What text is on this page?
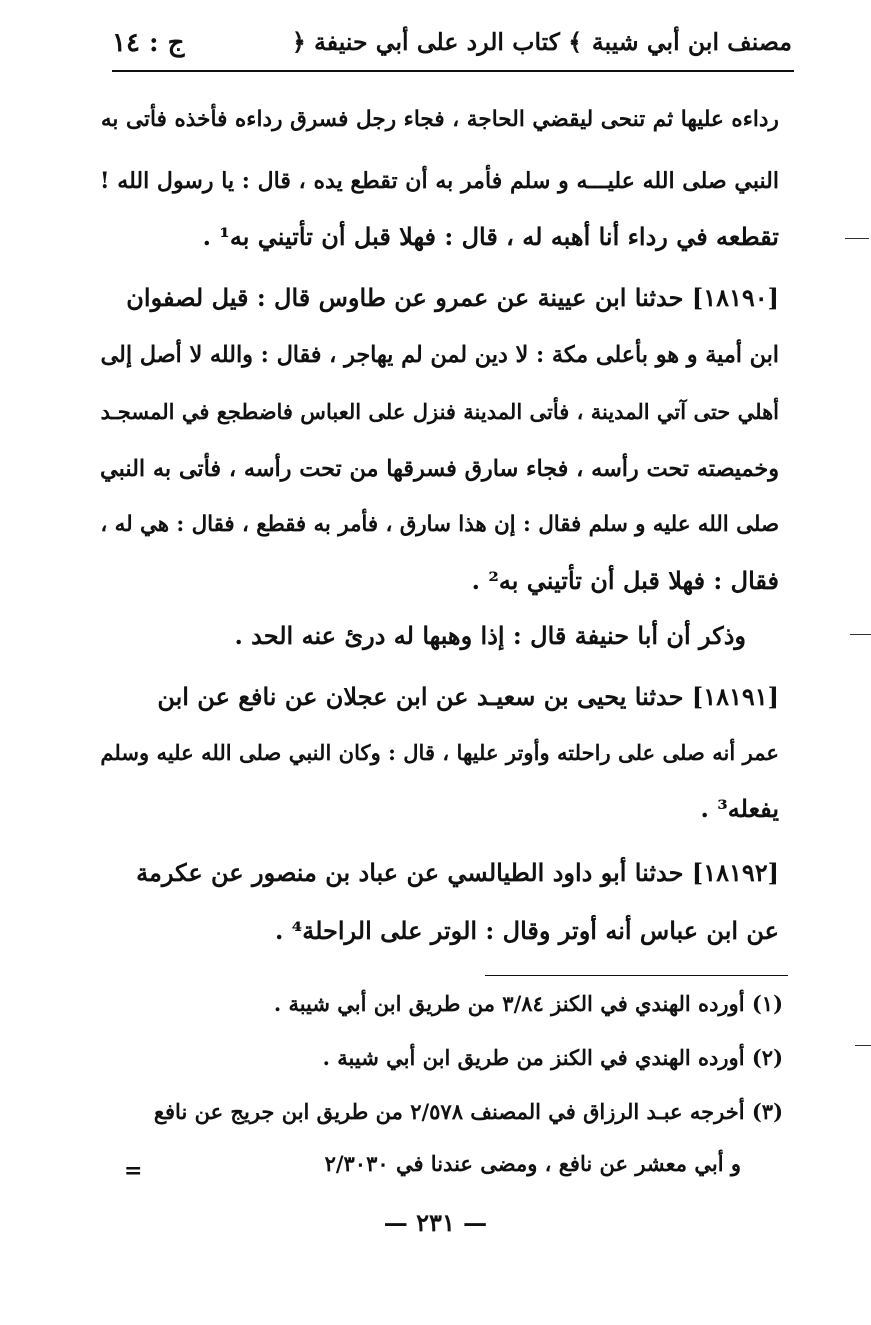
مصنف ابن أبي شيبة
﴿ كتاب الرد على أبي حنيفة ﴾
ج : ١٤
رداءه عليها ثم تنحى ليقضي الحاجة ، فجاء رجل فسرق رداءه فأخذه فأتى به
النبي صلى الله عليـــه و سلم فأمر به أن تقطع يده ، قال : يا رسول الله !
تقطعه في رداء أنا أهبه له ، قال : فهلا قبل أن تأتيني به¹ .
[١٨١٩٠] حدثنا ابن عيينة عن عمرو عن طاوس قال : قيل لصفوان
ابن أمية و هو بأعلى مكة : لا دين لمن لم يهاجر ، فقال : والله لا أصل إلى
أهلي حتى آتي المدينة ، فأتى المدينة فنزل على العباس فاضطجع في المسجـد
وخميصته تحت رأسه ، فجاء سارق فسرقها من تحت رأسه ، فأتى به النبي
صلى الله عليه و سلم فقال : إن هذا سارق ، فأمر به فقطع ، فقال : هي له ،
فقال : فهلا قبل أن تأتيني به² .
وذكر أن أبا حنيفة قال : إذا وهبها له درئ عنه الحد .
[١٨١٩١] حدثنا يحيى بن سعيـد عن ابن عجلان عن نافع عن ابن
عمر أنه صلى على راحلته وأوتر عليها ، قال : وكان النبي صلى الله عليه وسلم
يفعله³ .
[١٨١٩٢] حدثنا أبو داود الطيالسي عن عباد بن منصور عن عكرمة
عن ابن عباس أنه أوتر وقال : الوتر على الراحلة⁴ .
(١) أورده الهندي في الكنز ٣/٨٤ من طريق ابن أبي شيبة .
(٢) أورده الهندي في الكنز من طريق ابن أبي شيبة .
(٣) أخرجه عبـد الرزاق في المصنف ٢/٥٧٨ من طريق ابن جريج عن نافع
و أبي معشر عن نافع ، ومضى عندنا في ٢/٣٠٣٠
=
— ٢٣١ —
